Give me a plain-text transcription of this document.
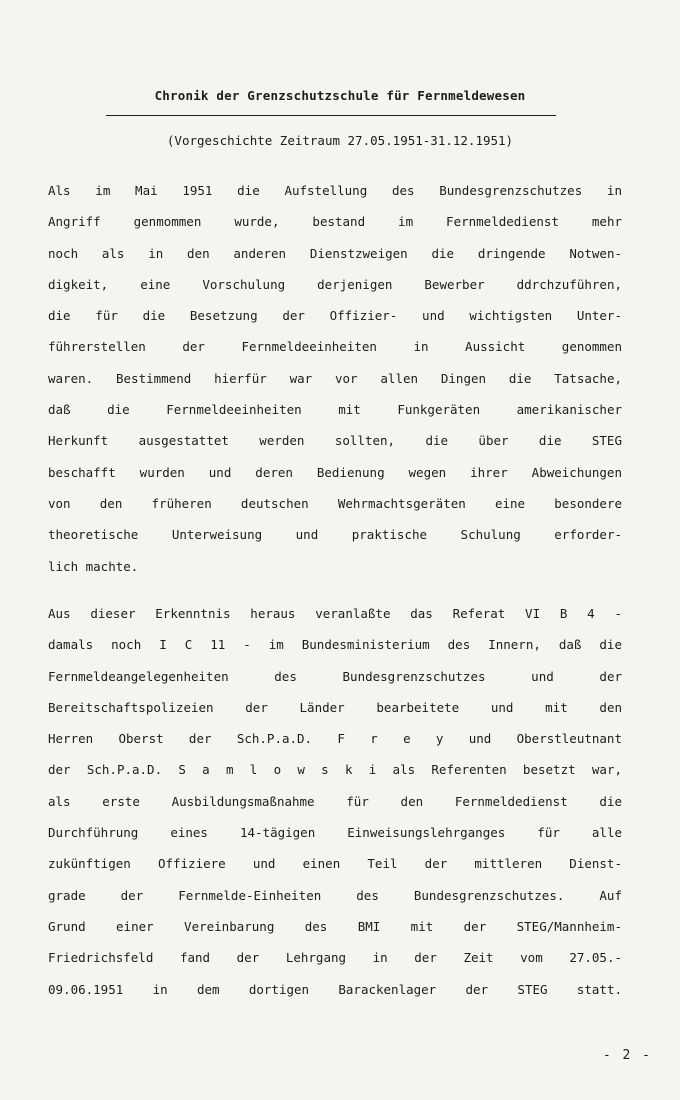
Chronik der Grenzschutzschule für Fernmeldewesen
(Vorgeschichte Zeitraum 27.05.1951-31.12.1951)
Als im Mai 1951 die Aufstellung des Bundesgrenzschutzes in
Angriff genmommen wurde, bestand im Fernmeldedienst mehr
noch als in den anderen Dienstzweigen die dringende Notwen-
digkeit, eine Vorschulung derjenigen Bewerber ddrchzuführen,
die für die Besetzung der Offizier- und wichtigsten Unter-
führerstellen der Fernmeldeeinheiten in Aussicht genommen
waren. Bestimmend hierfür war vor allen Dingen die Tatsache,
daß die Fernmeldeeinheiten mit Funkgeräten amerikanischer
Herkunft ausgestattet werden sollten, die über die STEG
beschafft wurden und deren Bedienung wegen ihrer Abweichungen
von den früheren deutschen Wehrmachtsgeräten eine besondere
theoretische Unterweisung und praktische Schulung erforder-
lich machte.
Aus dieser Erkenntnis heraus veranlaßte das Referat VI B 4 -
damals noch I C 11 - im Bundesministerium des Innern, daß die
Fernmeldeangelegenheiten des Bundesgrenzschutzes und der
Bereitschaftspolizeien der Länder bearbeitete und mit den
Herren Oberst der Sch.P.a.D. F r e y und Oberstleutnant
der Sch.P.a.D. S a m l o w s k i als Referenten besetzt war,
als erste Ausbildungsmaßnahme für den Fernmeldedienst die
Durchführung eines 14-tägigen Einweisungslehrganges für alle
zukünftigen Offiziere und einen Teil der mittleren Dienst-
grade der Fernmelde-Einheiten des Bundesgrenzschutzes. Auf
Grund einer Vereinbarung des BMI mit der STEG/Mannheim-
Friedrichsfeld fand der Lehrgang in der Zeit vom 27.05.-
09.06.1951 in dem dortigen Barackenlager der STEG statt.
- 2 -
